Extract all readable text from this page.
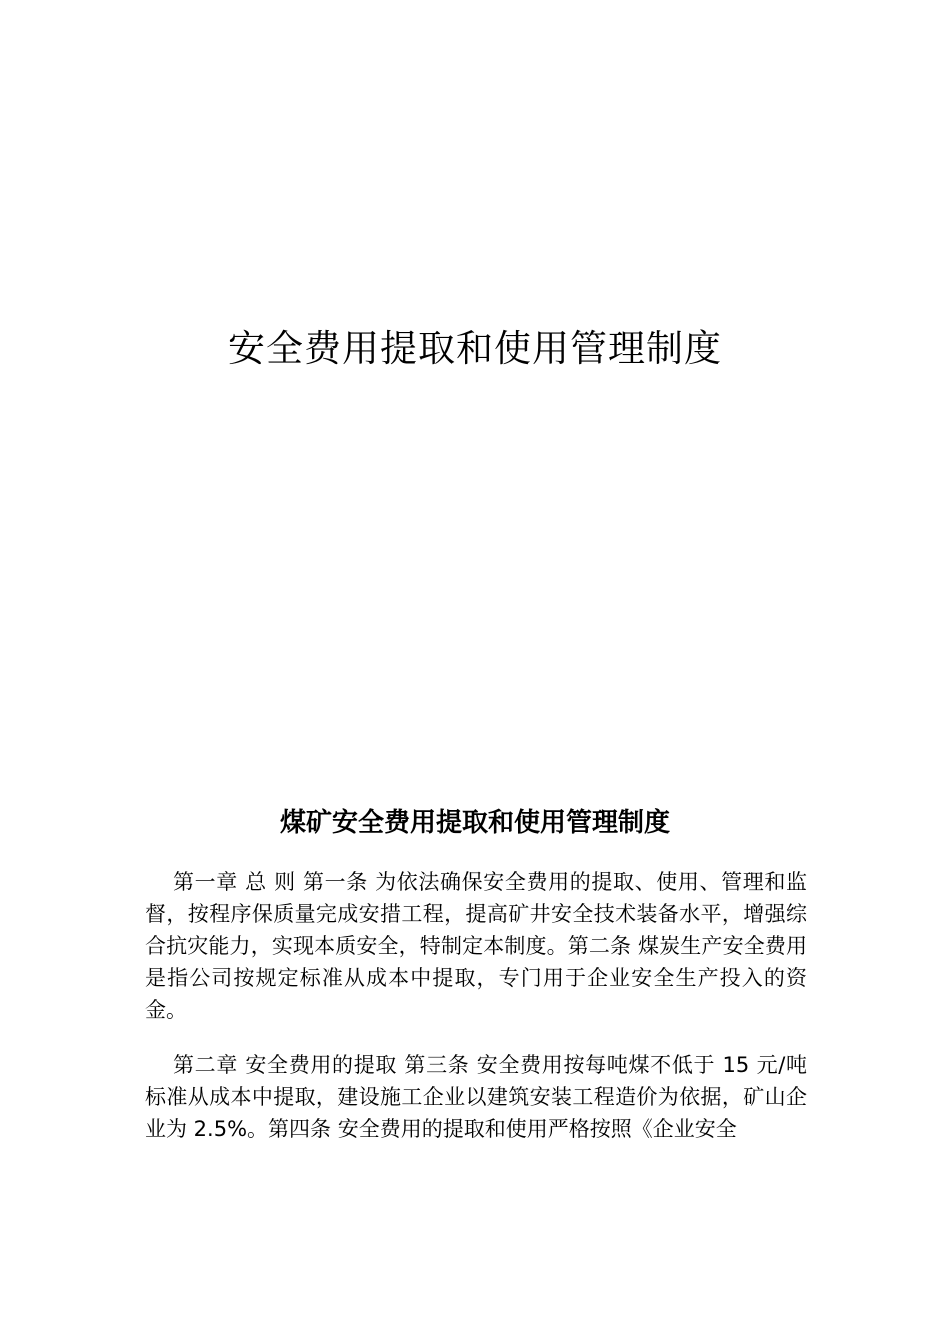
安全费用提取和使用管理制度
煤矿安全费用提取和使用管理制度

第一章 总 则 第一条 为依法确保安全费用的提取、使用、管理和监督，按程序保质量完成安措工程，提高矿井安全技术装备水平，增强综合抗灾能力，实现本质安全，特制定本制度。第二条 煤炭生产安全费用是指公司按规定标准从成本中提取，专门用于企业安全生产投入的资金。

第二章 安全费用的提取 第三条 安全费用按每吨煤不低于 15 元/吨标准从成本中提取，建设施工企业以建筑安装工程造价为依据，矿山企业为 2.5%。第四条 安全费用的提取和使用严格按照《企业安全
